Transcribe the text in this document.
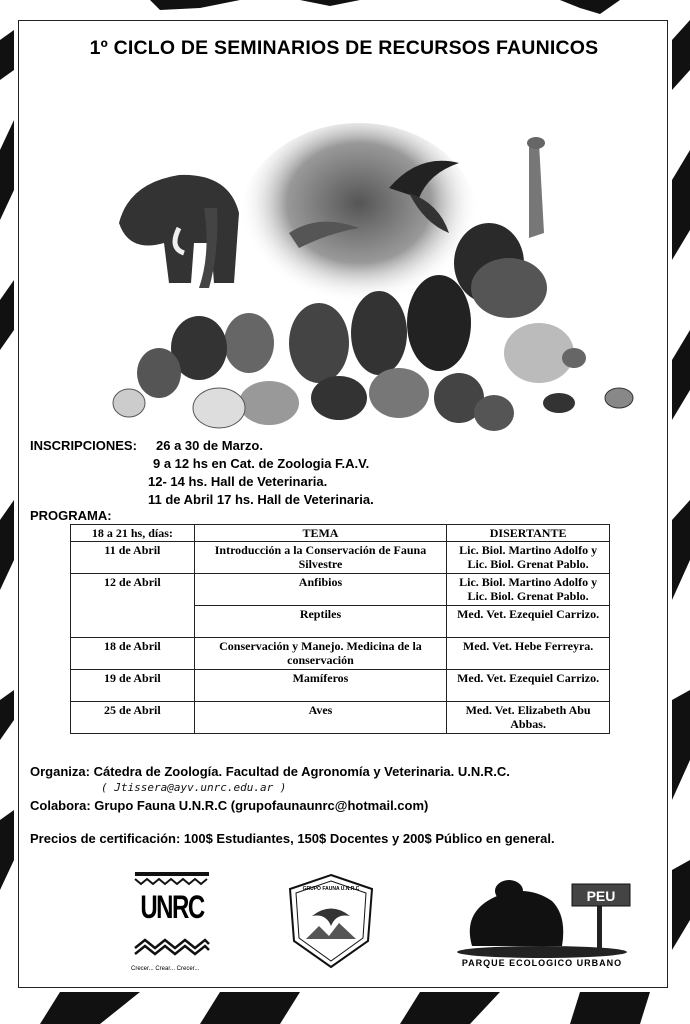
1º CICLO DE SEMINARIOS DE RECURSOS FAUNICOS
INSCRIPCIONES: 26 a 30 de Marzo.
9 a 12 hs en Cat. de Zoologia F.A.V.
12- 14 hs. Hall de Veterinaria.
11 de Abril 17 hs. Hall de Veterinaria.
PROGRAMA:
18 a 21 hs, días:	TEMA	DISERTANTE
11 de Abril	Introducción a la Conservación de Fauna Silvestre	Lic. Biol. Martino Adolfo y Lic. Biol. Grenat Pablo.
12 de Abril	Anfibios	Lic. Biol. Martino Adolfo y Lic. Biol. Grenat Pablo.
	Reptiles	Med. Vet. Ezequiel Carrizo.
18 de Abril	Conservación y Manejo. Medicina de la conservación	Med. Vet. Hebe Ferreyra.
19 de Abril	Mamíferos	Med. Vet. Ezequiel Carrizo.
25 de Abril	Aves	Med. Vet. Elizabeth Abu Abbas.
Organiza: Cátedra de Zoología. Facultad de Agronomía y Veterinaria. U.N.R.C.
( Jtissera@ayv.unrc.edu.ar )
Colabora: Grupo Fauna U.N.R.C (grupofaunaunrc@hotmail.com)
Precios de certificación: 100$ Estudiantes, 150$ Docentes y 200$ Público en general.
UNRC
Crecer... Crear... Crecer...
GRUPO FAUNA U.N.R.C	PEU
PARQUE ECOLOGICO URBANO
